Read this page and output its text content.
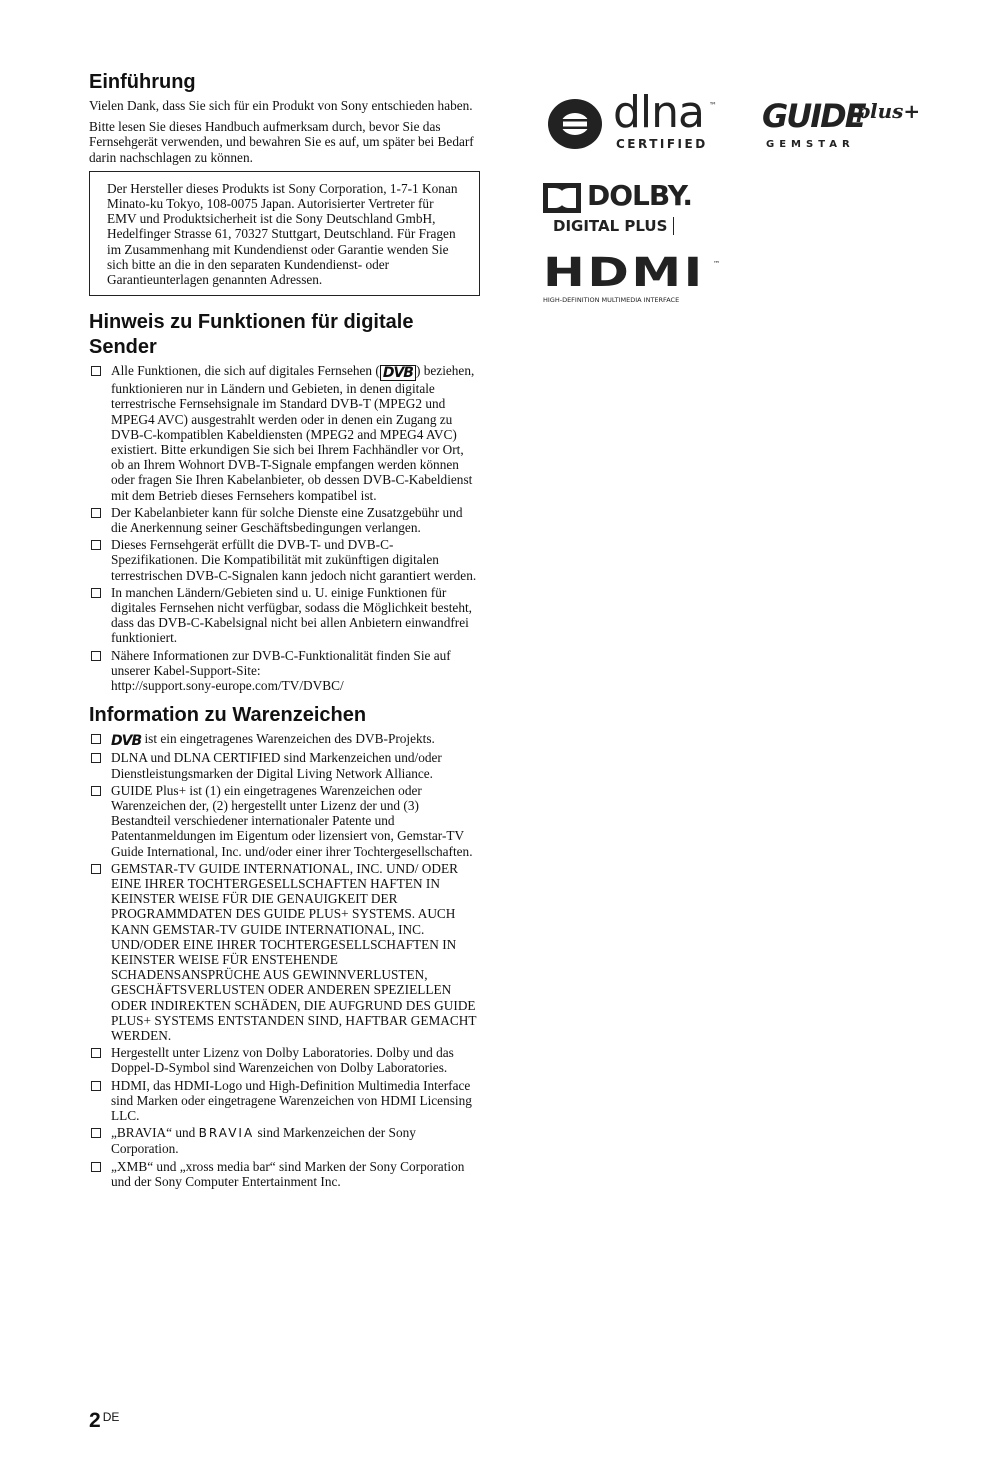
Einführung

Vielen Dank, dass Sie sich für ein Produkt von Sony entschieden haben.

Bitte lesen Sie dieses Handbuch aufmerksam durch, bevor Sie das Fernsehgerät verwenden, und bewahren Sie es auf, um später bei Bedarf darin nachschlagen zu können.

Der Hersteller dieses Produkts ist Sony Corporation, 1-7-1 Konan Minato-ku Tokyo, 108-0075 Japan. Autorisierter Vertreter für EMV und Produktsicherheit ist die Sony Deutschland GmbH, Hedelfinger Strasse 61, 70327 Stuttgart, Deutschland. Für Fragen im Zusammenhang mit Kundendienst oder Garantie wenden Sie sich bitte an die in den separaten Kundendienst- oder Garantieunterlagen genannten Adressen.
Hinweis zu Funktionen für digitale Sender
Alle Funktionen, die sich auf digitales Fernsehen ( DVB ) beziehen, funktionieren nur in Ländern und Gebieten, in denen digitale terrestrische Fernsehsignale im Standard DVB-T (MPEG2 und MPEG4 AVC) ausgestrahlt werden oder in denen ein Zugang zu DVB-C-kompatiblen Kabeldiensten (MPEG2 and MPEG4 AVC) existiert. Bitte erkundigen Sie sich bei Ihrem Fachhändler vor Ort, ob an Ihrem Wohnort DVB-T-Signale empfangen werden können oder fragen Sie Ihren Kabelanbieter, ob dessen DVB-C-Kabeldienst mit dem Betrieb dieses Fernsehers kompatibel ist.
Der Kabelanbieter kann für solche Dienste eine Zusatzgebühr und die Anerkennung seiner Geschäftsbedingungen verlangen.
Dieses Fernsehgerät erfüllt die DVB-T- und DVB-C-Spezifikationen. Die Kompatibilität mit zukünftigen digitalen terrestrischen DVB-C-Signalen kann jedoch nicht garantiert werden.
In manchen Ländern/Gebieten sind u. U. einige Funktionen für digitales Fernsehen nicht verfügbar, sodass die Möglichkeit besteht, dass das DVB-C-Kabelsignal nicht bei allen Anbietern einwandfrei funktioniert.
Nähere Informationen zur DVB-C-Funktionalität finden Sie auf unserer Kabel-Support-Site:
http://support.sony-europe.com/TV/DVBC/
Information zu Warenzeichen
DVB ist ein eingetragenes Warenzeichen des DVB-Projekts.
DLNA und DLNA CERTIFIED sind Markenzeichen und/oder Dienstleistungsmarken der Digital Living Network Alliance.
GUIDE Plus+ ist (1) ein eingetragenes Warenzeichen oder Warenzeichen der, (2) hergestellt unter Lizenz der und (3) Bestandteil verschiedener internationaler Patente und Patentanmeldungen im Eigentum oder lizensiert von, Gemstar-TV Guide International, Inc. und/oder einer ihrer Tochtergesellschaften.
GEMSTAR-TV GUIDE INTERNATIONAL, INC. UND/ ODER EINE IHRER TOCHTERGESELLSCHAFTEN HAFTEN IN KEINSTER WEISE FÜR DIE GENAUIGKEIT DER PROGRAMMDATEN DES GUIDE PLUS+ SYSTEMS. AUCH KANN GEMSTAR-TV GUIDE INTERNATIONAL, INC. UND/ODER EINE IHRER TOCHTERGESELLSCHAFTEN IN KEINSTER WEISE FÜR ENSTEHENDE SCHADENSANSPRÜCHE AUS GEWINNVERLUSTEN, GESCHÄFTSVERLUSTEN ODER ANDEREN SPEZIELLEN ODER INDIREKTEN SCHÄDEN, DIE AUFGRUND DES GUIDE PLUS+ SYSTEMS ENTSTANDEN SIND, HAFTBAR GEMACHT WERDEN.
Hergestellt unter Lizenz von Dolby Laboratories. Dolby und das Doppel-D-Symbol sind Warenzeichen von Dolby Laboratories.
HDMI, das HDMI-Logo und High-Definition Multimedia Interface sind Marken oder eingetragene Warenzeichen von HDMI Licensing LLC.
„BRAVIA“ und BRAVIA sind Markenzeichen der Sony Corporation.
„XMB“ und „xross media bar“ sind Marken der Sony Corporation und der Sony Computer Entertainment Inc.
dlna ™
CERTIFIED
GUIDE
plus+
GEMSTAR
DOLBY.
DIGITAL PLUS
HDMI ™
HIGH-DEFINITION MULTIMEDIA INTERFACE
2 $^{DE}$
